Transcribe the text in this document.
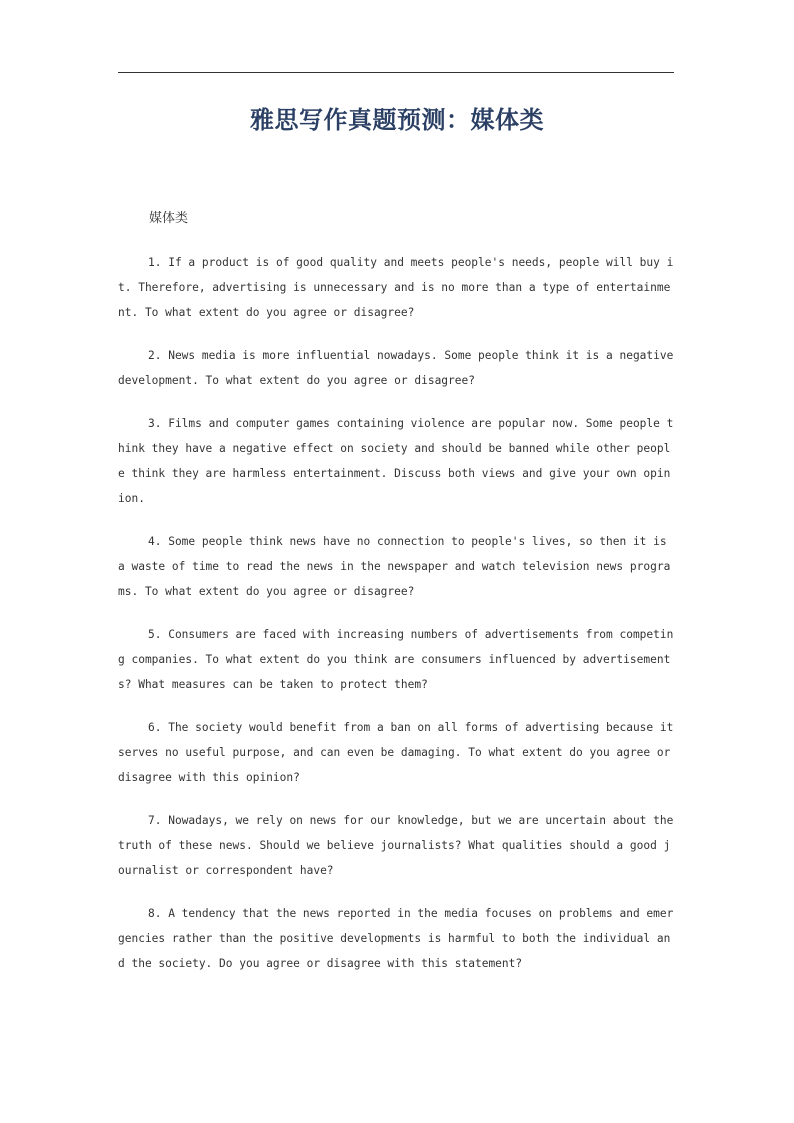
雅思写作真题预测：媒体类
媒体类

1. If a product is of good quality and meets people's needs, people will buy it. Therefore, advertising is unnecessary and is no more than a type of entertainment. To what extent do you agree or disagree?

2. News media is more influential nowadays. Some people think it is a negative development. To what extent do you agree or disagree?

3. Films and computer games containing violence are popular now. Some people think they have a negative effect on society and should be banned while other people think they are harmless entertainment. Discuss both views and give your own opinion.

4. Some people think news have no connection to people's lives, so then it is a waste of time to read the news in the newspaper and watch television news programs. To what extent do you agree or disagree?

5. Consumers are faced with increasing numbers of advertisements from competing companies. To what extent do you think are consumers influenced by advertisements? What measures can be taken to protect them?

6. The society would benefit from a ban on all forms of advertising because it serves no useful purpose, and can even be damaging. To what extent do you agree or disagree with this opinion?

7. Nowadays, we rely on news for our knowledge, but we are uncertain about the truth of these news. Should we believe journalists? What qualities should a good journalist or correspondent have?

8. A tendency that the news reported in the media focuses on problems and emergencies rather than the positive developments is harmful to both the individual and the society. Do you agree or disagree with this statement?
